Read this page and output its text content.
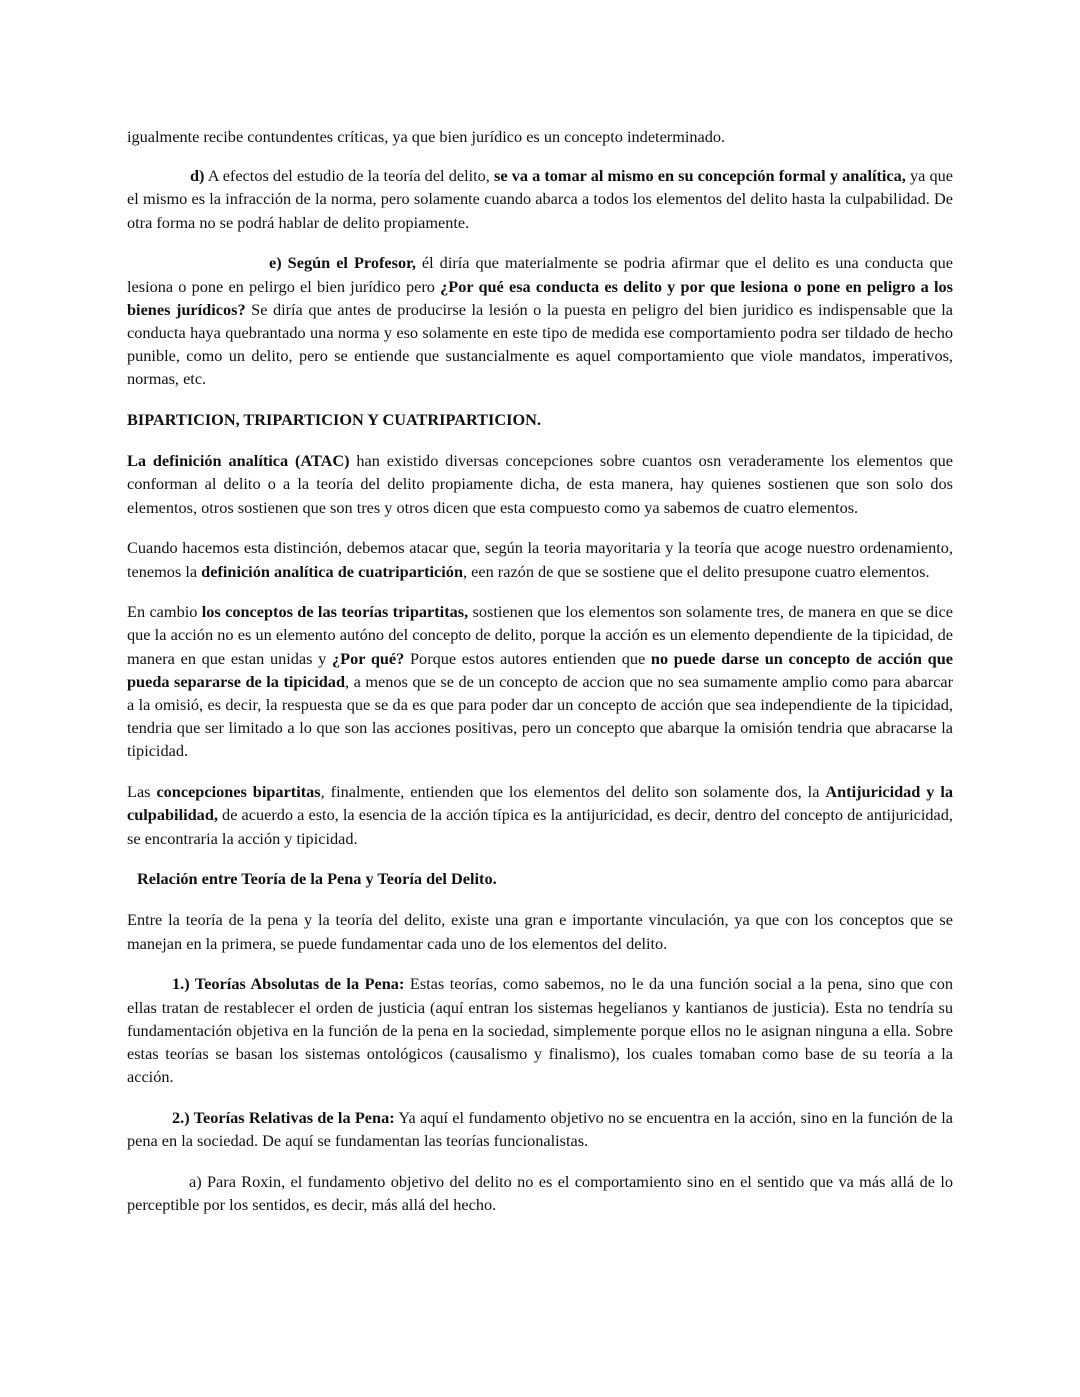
igualmente recibe contundentes críticas, ya que bien jurídico es un concepto indeterminado.

d) A efectos del estudio de la teoría del delito, se va a tomar al mismo en su concepción formal y analítica, ya que el mismo es la infracción de la norma, pero solamente cuando abarca a todos los elementos del delito hasta la culpabilidad. De otra forma no se podrá hablar de delito propiamente.

e) Según el Profesor, él diría que materialmente se podria afirmar que el delito es una conducta que lesiona o pone en pelirgo el bien jurídico pero ¿Por qué esa conducta es delito y por que lesiona o pone en peligro a los bienes jurídicos? Se diría que antes de producirse la lesión o la puesta en peligro del bien juridico es indispensable que la conducta haya quebrantado una norma y eso solamente en este tipo de medida ese comportamiento podra ser tildado de hecho punible, como un delito, pero se entiende que sustancialmente es aquel comportamiento que viole mandatos, imperativos, normas, etc.

BIPARTICION, TRIPARTICION Y CUATRIPARTICION.

La definición analítica (ATAC) han existido diversas concepciones sobre cuantos osn veraderamente los elementos que conforman al delito o a la teoría del delito propiamente dicha, de esta manera, hay quienes sostienen que son solo dos elementos, otros sostienen que son tres y otros dicen que esta compuesto como ya sabemos de cuatro elementos.

Cuando hacemos esta distinción, debemos atacar que, según la teoria mayoritaria y la teoría que acoge nuestro ordenamiento, tenemos la definición analítica de cuatripartición, een razón de que se sostiene que el delito presupone cuatro elementos.

En cambio los conceptos de las teorías tripartitas, sostienen que los elementos son solamente tres, de manera en que se dice que la acción no es un elemento autóno del concepto de delito, porque la acción es un elemento dependiente de la tipicidad, de manera en que estan unidas y ¿Por qué? Porque estos autores entienden que no puede darse un concepto de acción que pueda separarse de la tipicidad, a menos que se de un concepto de accion que no sea sumamente amplio como para abarcar a la omisió, es decir, la respuesta que se da es que para poder dar un concepto de acción que sea independiente de la tipicidad, tendria que ser limitado a lo que son las acciones positivas, pero un concepto que abarque la omisión tendria que abracarse la tipicidad.

Las concepciones bipartitas, finalmente, entienden que los elementos del delito son solamente dos, la Antijuricidad y la culpabilidad, de acuerdo a esto, la esencia de la acción típica es la antijuricidad, es decir, dentro del concepto de antijuricidad, se encontraria la acción y tipicidad.

Relación entre Teoría de la Pena y Teoría del Delito.

Entre la teoría de la pena y la teoría del delito, existe una gran e importante vinculación, ya que con los conceptos que se manejan en la primera, se puede fundamentar cada uno de los elementos del delito.

1.) Teorías Absolutas de la Pena: Estas teorías, como sabemos, no le da una función social a la pena, sino que con ellas tratan de restablecer el orden de justicia (aquí entran los sistemas hegelianos y kantianos de justicia). Esta no tendría su fundamentación objetiva en la función de la pena en la sociedad, simplemente porque ellos no le asignan ninguna a ella. Sobre estas teorías se basan los sistemas ontológicos (causalismo y finalismo), los cuales tomaban como base de su teoría a la acción.

2.) Teorías Relativas de la Pena: Ya aquí el fundamento objetivo no se encuentra en la acción, sino en la función de la pena en la sociedad. De aquí se fundamentan las teorías funcionalistas.

a) Para Roxin, el fundamento objetivo del delito no es el comportamiento sino en el sentido que va más allá de lo perceptible por los sentidos, es decir, más allá del hecho.
